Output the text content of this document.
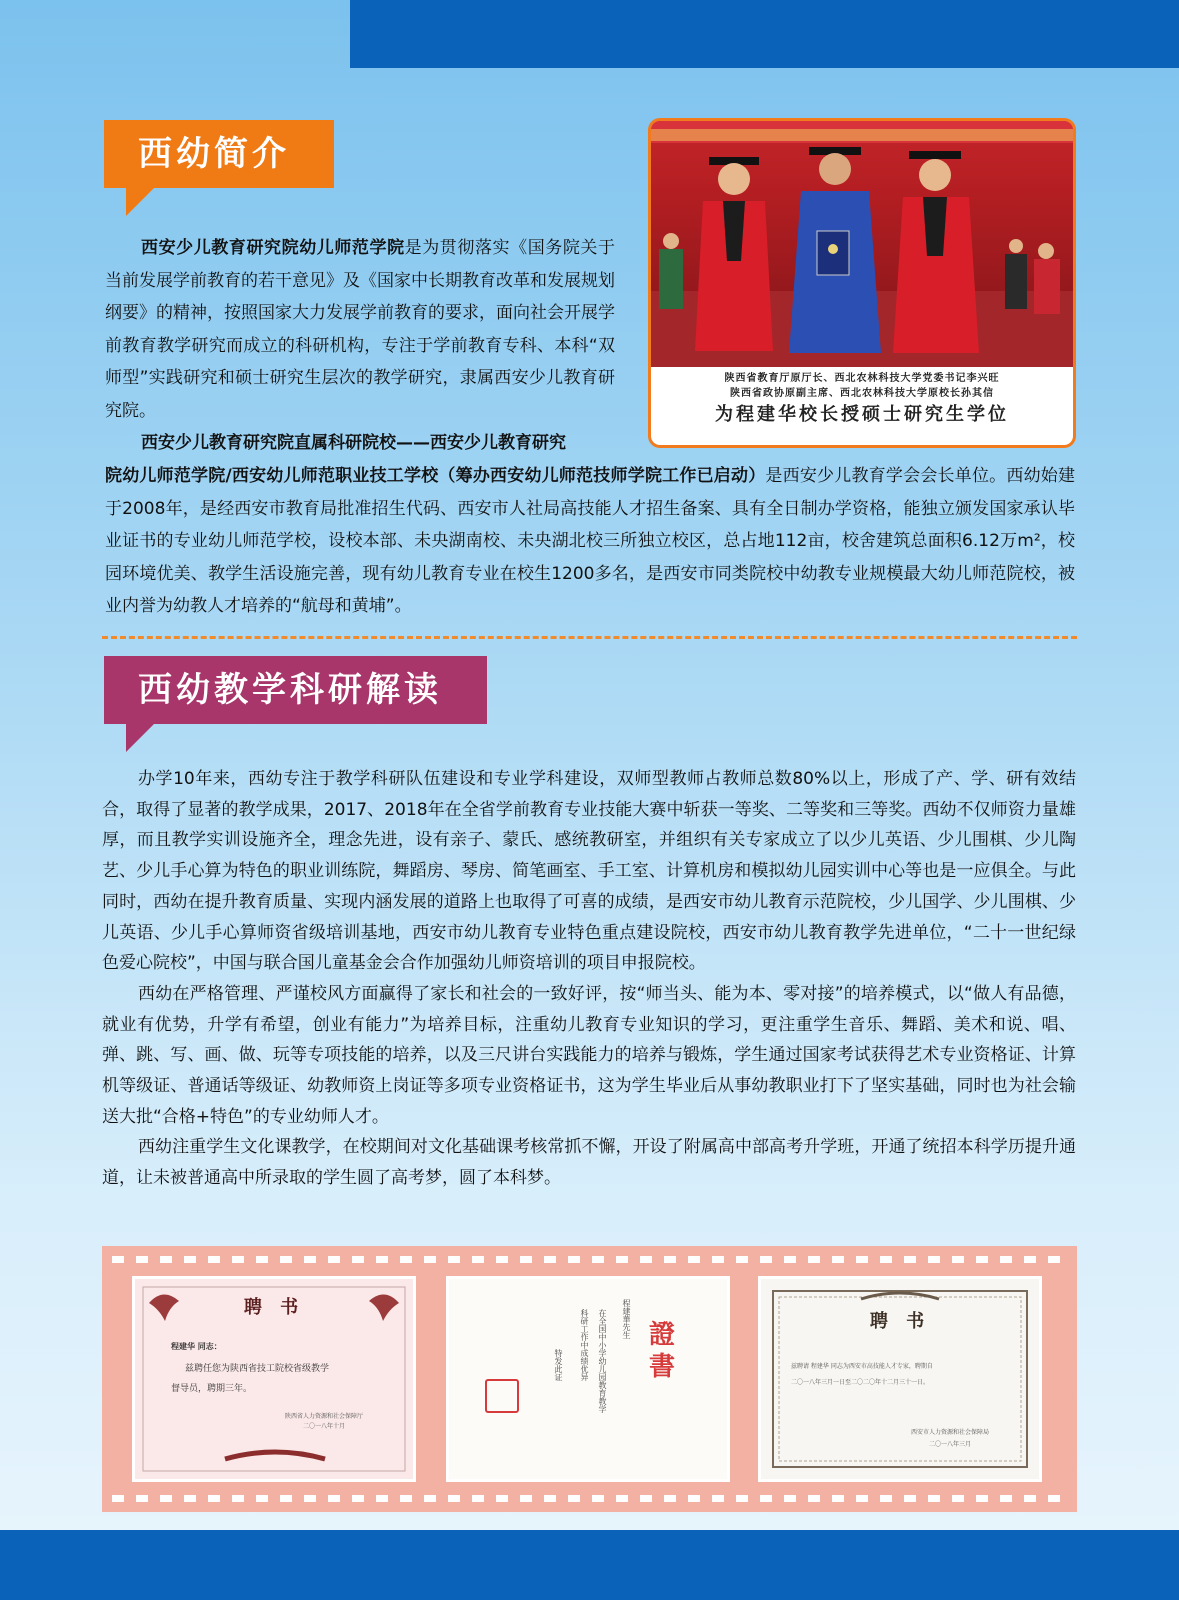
西幼简介

西安少儿教育研究院幼儿师范学院是为贯彻落实《国务院关于当前发展学前教育的若干意见》及《国家中长期教育改革和发展规划纲要》的精神，按照国家大力发展学前教育的要求，面向社会开展学前教育教学研究而成立的科研机构，专注于学前教育专科、本科“双师型”实践研究和硕士研究生层次的教学研究，隶属西安少儿教育研究院。

西安少儿教育研究院直属科研院校——西安少儿教育研究

院幼儿师范学院/西安幼儿师范职业技工学校（筹办西安幼儿师范技师学院工作已启动）是西安少儿教育学会会长单位。西幼始建于2008年，是经西安市教育局批准招生代码、西安市人社局高技能人才招生备案、具有全日制办学资格，能独立颁发国家承认毕业证书的专业幼儿师范学校，设校本部、未央湖南校、未央湖北校三所独立校区，总占地112亩，校舍建筑总面积6.12万m²，校园环境优美、教学生活设施完善，现有幼儿教育专业在校生1200多名，是西安市同类院校中幼教专业规模最大幼儿师范院校，被业内誉为幼教人才培养的“航母和黄埔”。

陕西省教育厅原厅长、西北农林科技大学党委书记李兴旺
陕西省政协原副主席、西北农林科技大学原校长孙其信
为程建华校长授硕士研究生学位
西幼教学科研解读

办学10年来，西幼专注于教学科研队伍建设和专业学科建设，双师型教师占教师总数80%以上，形成了产、学、研有效结合，取得了显著的教学成果，2017、2018年在全省学前教育专业技能大赛中斩获一等奖、二等奖和三等奖。西幼不仅师资力量雄厚，而且教学实训设施齐全，理念先进，设有亲子、蒙氏、感统教研室，并组织有关专家成立了以少儿英语、少儿围棋、少儿陶艺、少儿手心算为特色的职业训练院，舞蹈房、琴房、简笔画室、手工室、计算机房和模拟幼儿园实训中心等也是一应俱全。与此同时，西幼在提升教育质量、实现内涵发展的道路上也取得了可喜的成绩，是西安市幼儿教育示范院校，少儿国学、少儿围棋、少儿英语、少儿手心算师资省级培训基地，西安市幼儿教育专业特色重点建设院校，西安市幼儿教育教学先进单位，“二十一世纪绿色爱心院校”，中国与联合国儿童基金会合作加强幼儿师资培训的项目申报院校。

西幼在严格管理、严谨校风方面赢得了家长和社会的一致好评，按“师当头、能为本、零对接”的培养模式，以“做人有品德，就业有优势，升学有希望，创业有能力”为培养目标，注重幼儿教育专业知识的学习，更注重学生音乐、舞蹈、美术和说、唱、弹、跳、写、画、做、玩等专项技能的培养，以及三尺讲台实践能力的培养与锻炼，学生通过国家考试获得艺术专业资格证、计算机等级证、普通话等级证、幼教师资上岗证等多项专业资格证书，这为学生毕业后从事幼教职业打下了坚实基础，同时也为社会输送大批“合格+特色”的专业幼师人才。

西幼注重学生文化课教学，在校期间对文化基础课考核常抓不懈，开设了附属高中部高考升学班，开通了统招本科学历提升通道，让未被普通高中所录取的学生圆了高考梦，圆了本科梦。

聘 书
程建华 同志：
兹聘任您为陕西省技工院校省级教学
督导员，聘期三年。
陕西省人力资源和社会保障厅
二〇一八年十月
證書
程建華先生
在全国中小学幼儿园教育教学
科研工作中成绩优异
特发此证
聘 书
兹聘请 程建华 同志为西安市高技能人才专家，聘期自
二〇一八年三月一日至二〇二〇年十二月三十一日。
西安市人力资源和社会保障局
二〇一八年三月
